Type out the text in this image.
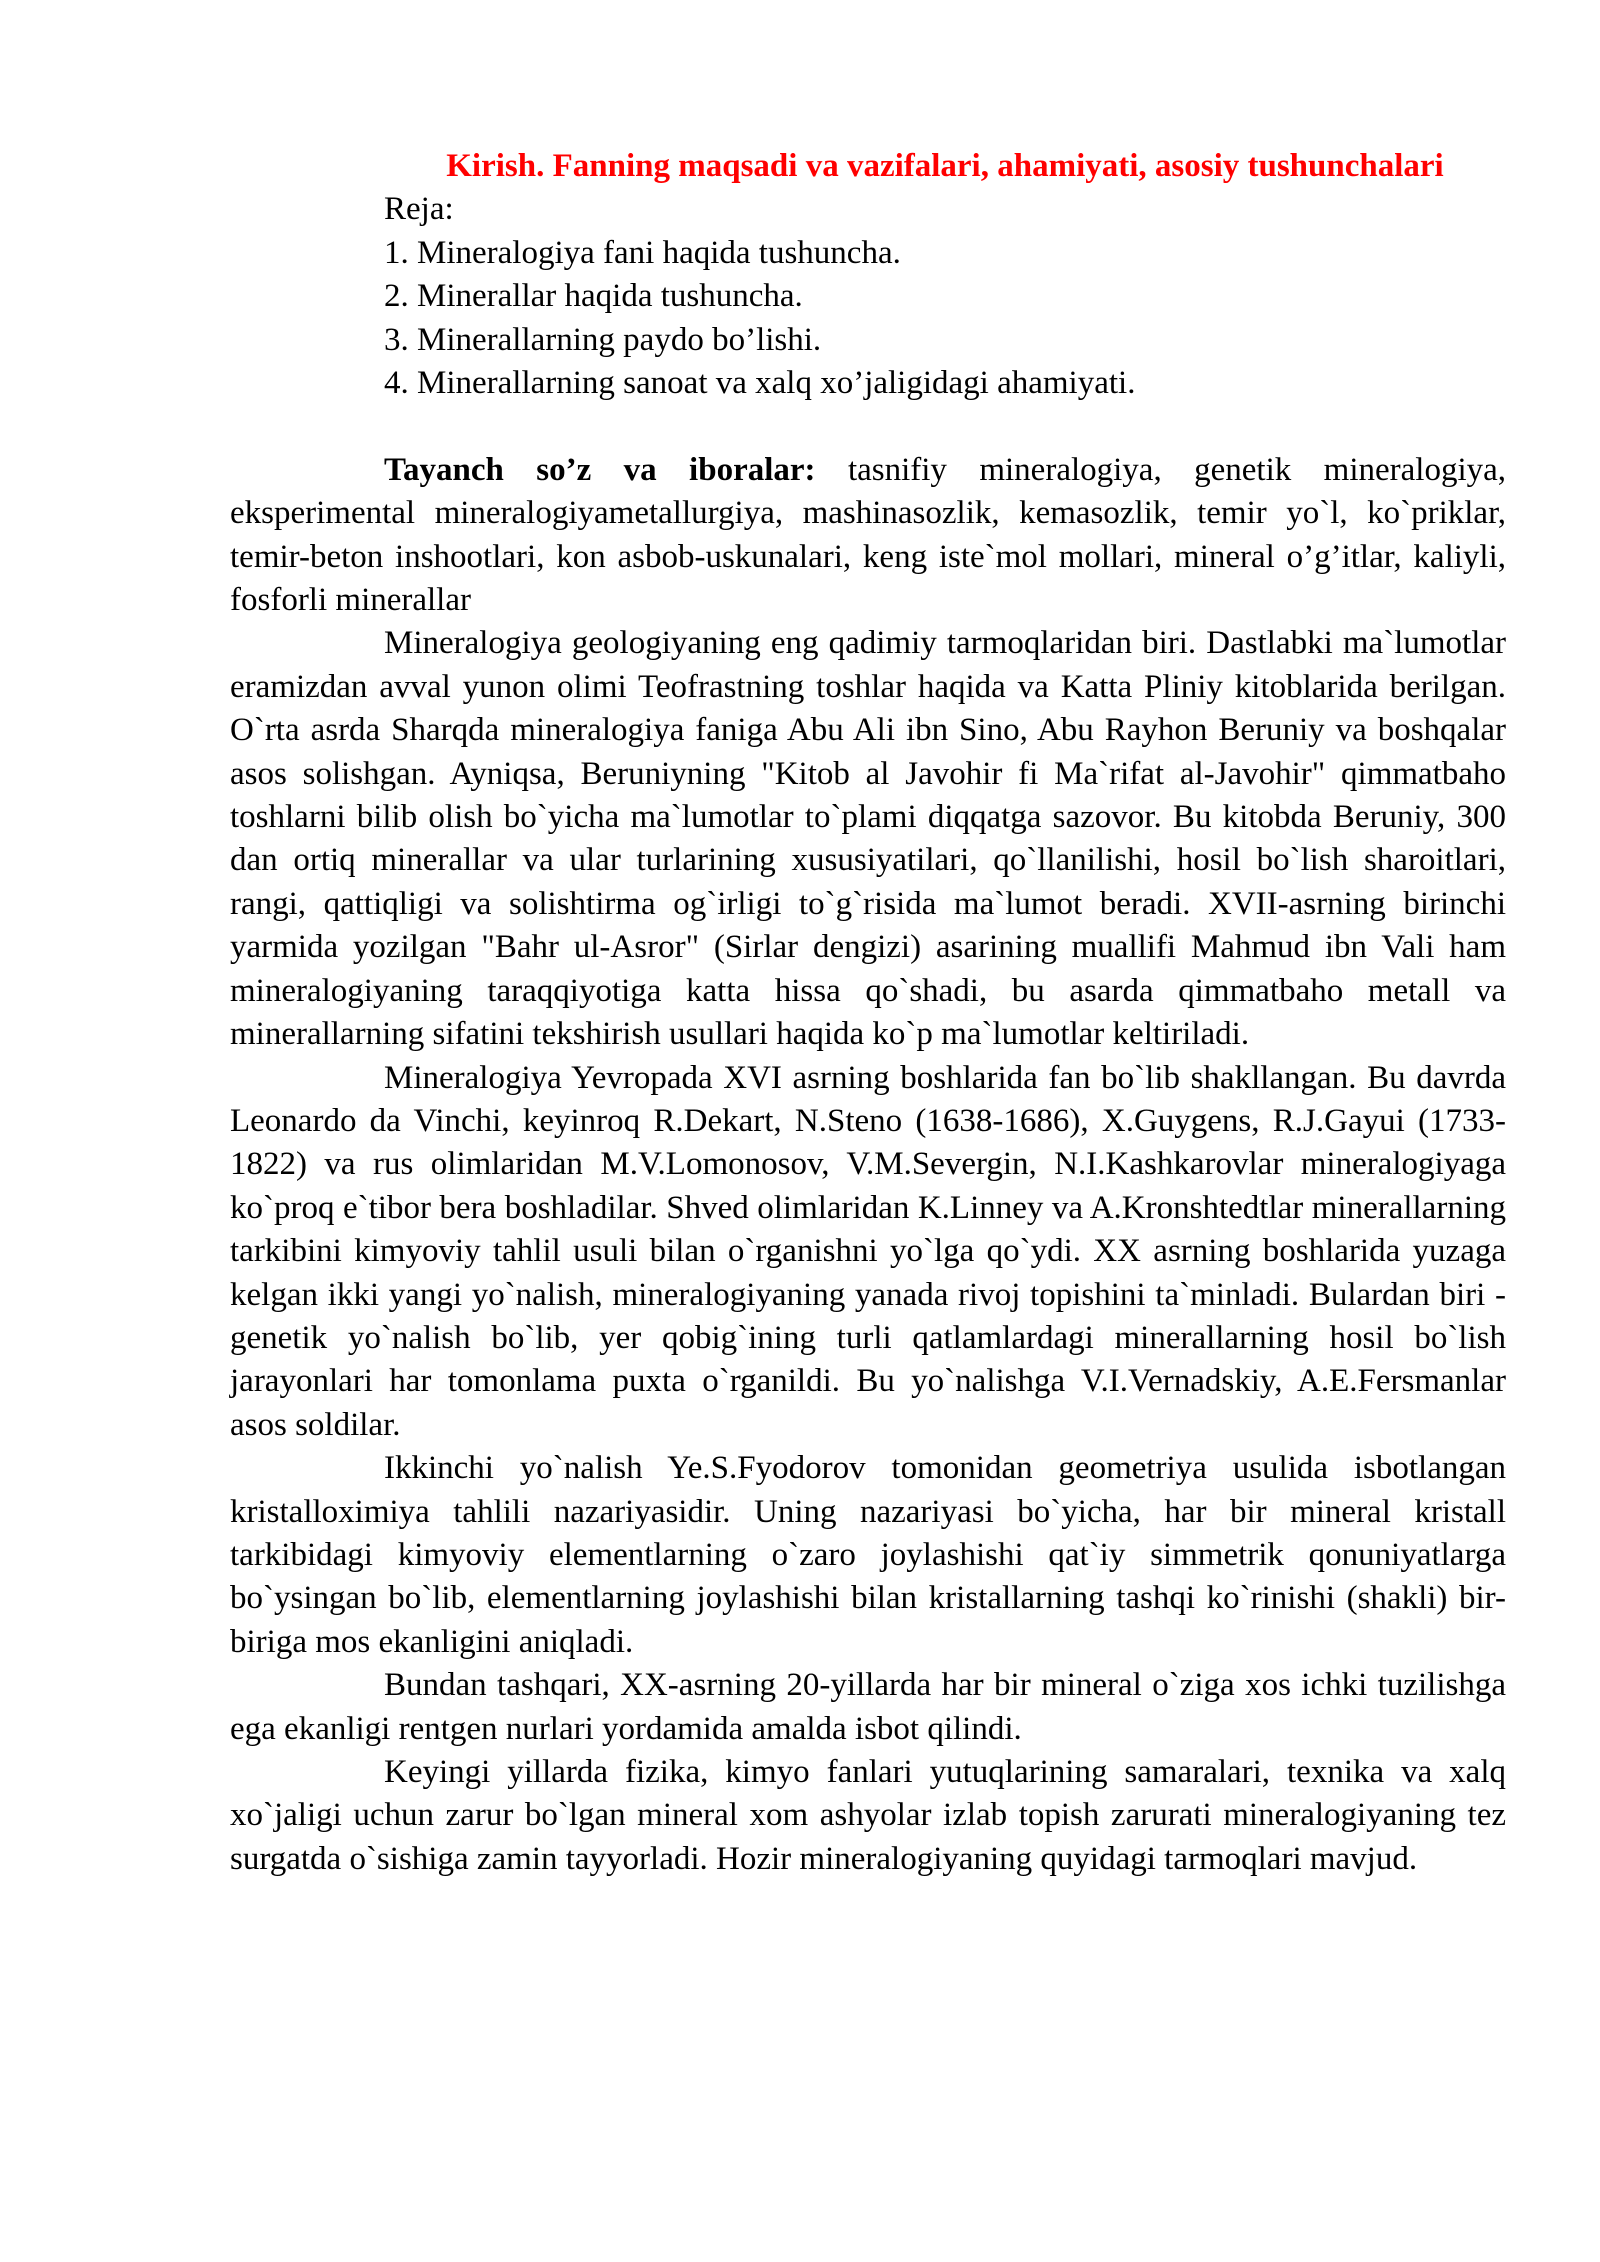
Kirish. Fanning maqsadi va vazifalari, ahamiyati, asosiy tushunchalari

Reja:

1. Mineralogiya fani haqida tushuncha.

2. Minerallar haqida tushuncha.

3. Minerallarning paydo bo’lishi.

4. Minerallarning sanoat va xalq xo’jaligidagi ahamiyati.

Tayanch so’z va iboralar: tasnifiy mineralogiya, genetik mineralogiya, eksperimental mineralogiyametallurgiya, mashinasozlik, kemasozlik, temir yo`l, ko`priklar, temir-beton inshootlari, kon asbob-uskunalari, keng iste`mol mollari, mineral o’g’itlar, kaliyli, fosforli minerallar

Mineralogiya geologiyaning eng qadimiy tarmoqlaridan biri. Dastlabki ma`lumotlar eramizdan avval yunon olimi Teofrastning toshlar haqida va Katta Pliniy kitoblarida berilgan. O`rta asrda Sharqda mineralogiya faniga Abu Ali ibn Sino, Abu Rayhon Beruniy va boshqalar asos solishgan. Ayniqsa, Beruniyning "Kitob al Javohir fi Ma`rifat al-Javohir" qimmatbaho toshlarni bilib olish bo`yicha ma`lumotlar to`plami diqqatga sazovor. Bu kitobda Beruniy, 300 dan ortiq minerallar va ular turlarining xususiyatilari, qo`llanilishi, hosil bo`lish sharoitlari, rangi, qattiqligi va solishtirma og`irligi to`g`risida ma`lumot beradi. XVII-asrning birinchi yarmida yozilgan "Bahr ul-Asror" (Sirlar dengizi) asarining muallifi Mahmud ibn Vali ham mineralogiyaning taraqqiyotiga katta hissa qo`shadi, bu asarda qimmatbaho metall va minerallarning sifatini tekshirish usullari haqida ko`p ma`lumotlar keltiriladi.

Mineralogiya Yevropada XVI asrning boshlarida fan bo`lib shakllangan. Bu davrda Leonardo da Vinchi, keyinroq R.Dekart, N.Steno (1638-1686), X.Guygens, R.J.Gayui (1733-1822) va rus olimlaridan M.V.Lomonosov, V.M.Severgin, N.I.Kashkarovlar mineralogiyaga ko`proq e`tibor bera boshladilar. Shved olimlaridan K.Linney va A.Kronshtedtlar minerallarning tarkibini kimyoviy tahlil usuli bilan o`rganishni yo`lga qo`ydi. XX asrning boshlarida yuzaga kelgan ikki yangi yo`nalish, mineralogiyaning yanada rivoj topishini ta`minladi. Bulardan biri - genetik yo`nalish bo`lib, yer qobig`ining turli qatlamlardagi minerallarning hosil bo`lish jarayonlari har tomonlama puxta o`rganildi. Bu yo`nalishga V.I.Vernadskiy, A.E.Fersmanlar asos soldilar.

Ikkinchi yo`nalish Ye.S.Fyodorov tomonidan geometriya usulida isbotlangan kristalloximiya tahlili nazariyasidir. Uning nazariyasi bo`yicha, har bir mineral kristall tarkibidagi kimyoviy elementlarning o`zaro joylashishi qat`iy simmetrik qonuniyatlarga bo`ysingan bo`lib, elementlarning joylashishi bilan kristallarning tashqi ko`rinishi (shakli) bir-biriga mos ekanligini aniqladi.

Bundan tashqari, XX-asrning 20-yillarda har bir mineral o`ziga xos ichki tuzilishga ega ekanligi rentgen nurlari yordamida amalda isbot qilindi.

Keyingi yillarda fizika, kimyo fanlari yutuqlarining samaralari, texnika va xalq xo`jaligi uchun zarur bo`lgan mineral xom ashyolar izlab topish zarurati mineralogiyaning tez surgatda o`sishiga zamin tayyorladi. Hozir mineralogiyaning quyidagi tarmoqlari mavjud.
